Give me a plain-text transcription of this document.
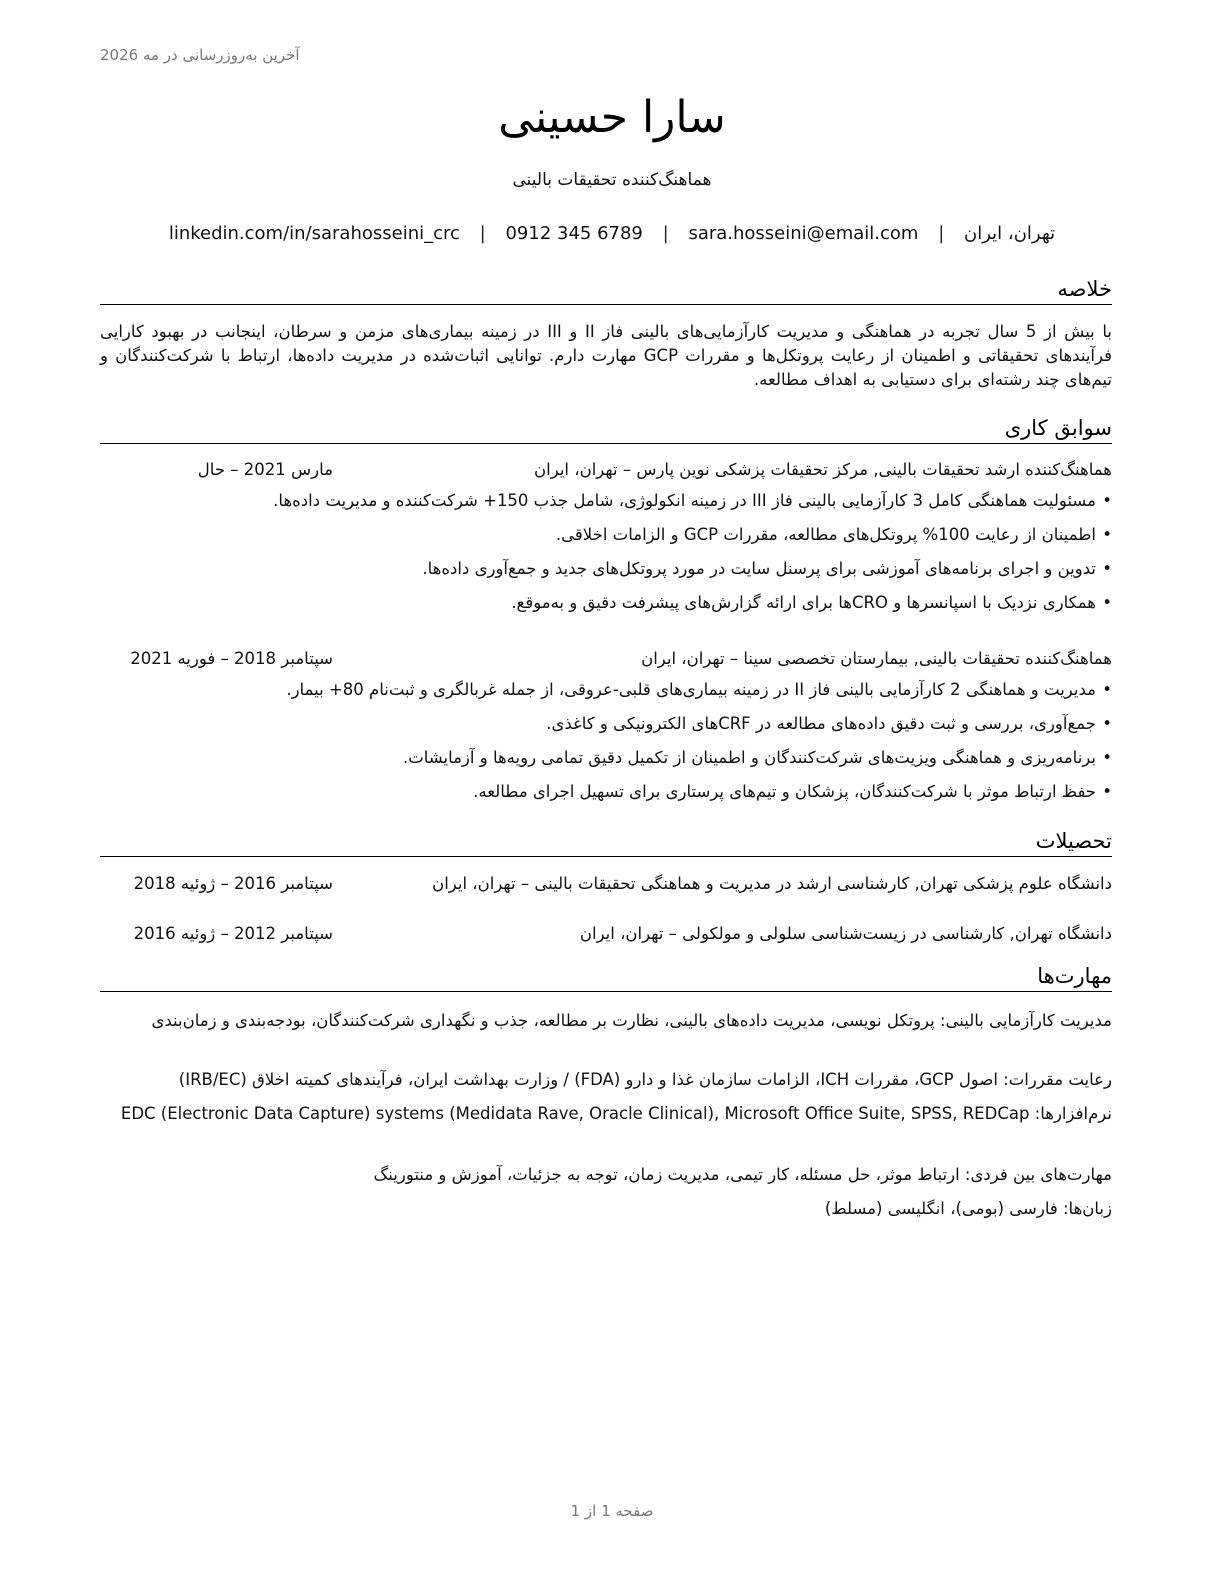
آخرین به‌روزرسانی در مه 2026
سارا حسینی
هماهنگ‌کننده تحقیقات بالینی
تهران، ایران | sara.hosseini@email.com | 0912 345 6789 | linkedin.com/in/sarahosseini_crc
خلاصه
با بیش از 5 سال تجربه در هماهنگی و مدیریت کارآزمایی‌های بالینی فاز II و III در زمینه بیماری‌های مزمن و سرطان، اینجانب در بهبود کارایی فرآیندهای تحقیقاتی و اطمینان از رعایت پروتکل‌ها و مقررات GCP مهارت دارم. توانایی اثبات‌شده در مدیریت داده‌ها، ارتباط با شرکت‌کنندگان و تیم‌های چند رشته‌ای برای دستیابی به اهداف مطالعه.
سوابق کاری
هماهنگ‌کننده ارشد تحقیقات بالینی, مرکز تحقیقات پزشکی نوین پارس – تهران، ایران
مارس 2021 – حال
•مسئولیت هماهنگی کامل 3 کارآزمایی بالینی فاز III در زمینه انکولوژی، شامل جذب 150+ شرکت‌کننده و مدیریت داده‌ها.
•اطمینان از رعایت 100% پروتکل‌های مطالعه، مقررات GCP و الزامات اخلاقی.
•تدوین و اجرای برنامه‌های آموزشی برای پرسنل سایت در مورد پروتکل‌های جدید و جمع‌آوری داده‌ها.
•همکاری نزدیک با اسپانسرها و CROها برای ارائه گزارش‌های پیشرفت دقیق و به‌موقع.
هماهنگ‌کننده تحقیقات بالینی, بیمارستان تخصصی سینا – تهران، ایران
سپتامبر 2018 – فوریه 2021
•مدیریت و هماهنگی 2 کارآزمایی بالینی فاز II در زمینه بیماری‌های قلبی-عروقی، از جمله غربالگری و ثبت‌نام 80+ بیمار.
•جمع‌آوری، بررسی و ثبت دقیق داده‌های مطالعه در CRFهای الکترونیکی و کاغذی.
•برنامه‌ریزی و هماهنگی ویزیت‌های شرکت‌کنندگان و اطمینان از تکمیل دقیق تمامی رویه‌ها و آزمایشات.
•حفظ ارتباط موثر با شرکت‌کنندگان، پزشکان و تیم‌های پرستاری برای تسهیل اجرای مطالعه.
تحصیلات
دانشگاه علوم پزشکی تهران, کارشناسی ارشد در مدیریت و هماهنگی تحقیقات بالینی – تهران، ایران
سپتامبر 2016 – ژوئیه 2018
دانشگاه تهران, کارشناسی در زیست‌شناسی سلولی و مولکولی – تهران، ایران
سپتامبر 2012 – ژوئیه 2016
مهارت‌ها
مدیریت کارآزمایی بالینی: پروتکل نویسی، مدیریت داده‌های بالینی، نظارت بر مطالعه، جذب و نگهداری شرکت‌کنندگان، بودجه‌بندی و زمان‌بندی
رعایت مقررات: اصول GCP، مقررات ICH، الزامات سازمان غذا و دارو (FDA) / وزارت بهداشت ایران، فرآیندهای کمیته اخلاق (IRB/EC)
نرم‌افزارها: EDC (Electronic Data Capture) systems (Medidata Rave, Oracle Clinical), Microsoft Office Suite, SPSS, REDCap
مهارت‌های بین فردی: ارتباط موثر، حل مسئله، کار تیمی، مدیریت زمان، توجه به جزئیات، آموزش و منتورینگ
زبان‌ها: فارسی (بومی)، انگلیسی (مسلط)
صفحه 1 از 1
